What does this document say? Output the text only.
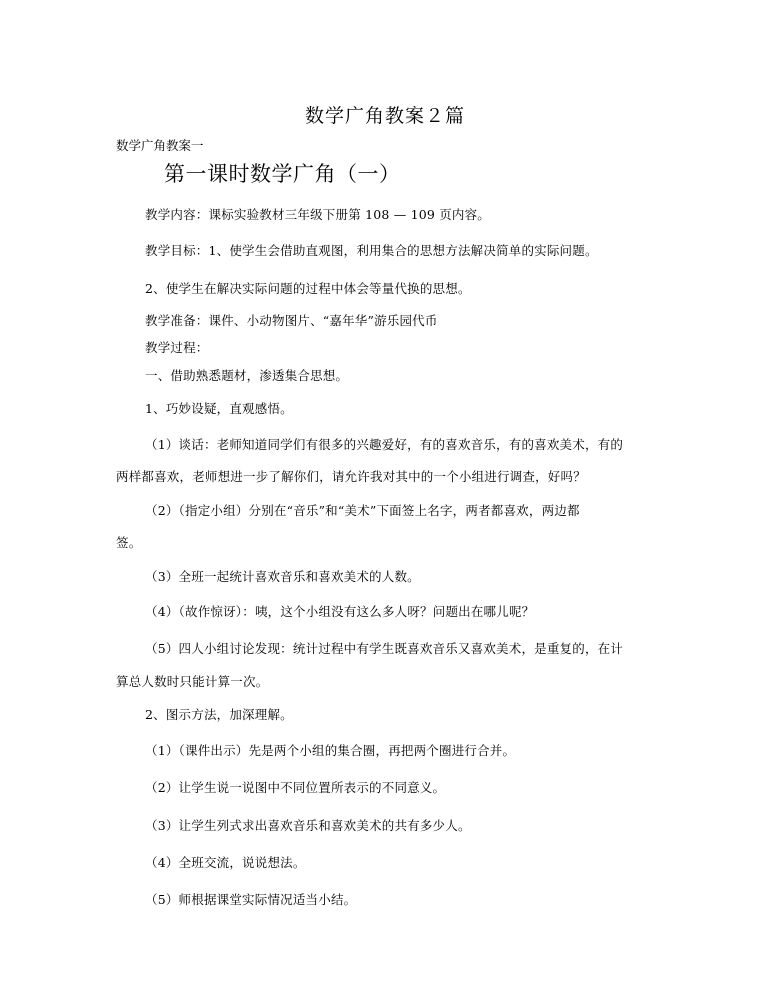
数学广角教案２篇
数学广角教案一
第一课时数学广角（一）
教学内容：课标实验教材三年级下册第 108 — 109 页内容。
教学目标：1、使学生会借助直观图，利用集合的思想方法解决简单的实际问题。
2、使学生在解决实际问题的过程中体会等量代换的思想。
教学准备：课件、小动物图片、“嘉年华”游乐园代币
教学过程：
一、借助熟悉题材，渗透集合思想。
1、巧妙设疑，直观感悟。
（1）谈话：老师知道同学们有很多的兴趣爱好，有的喜欢音乐，有的喜欢美术，有的
两样都喜欢，老师想进一步了解你们，请允许我对其中的一个小组进行调查，好吗？
（2）（指定小组）分别在“音乐”和“美术”下面签上名字，两者都喜欢，两边都
签。
（3）全班一起统计喜欢音乐和喜欢美术的人数。
（4）（故作惊讶）：咦，这个小组没有这么多人呀？问题出在哪儿呢？
（5）四人小组讨论发现：统计过程中有学生既喜欢音乐又喜欢美术，是重复的，在计
算总人数时只能计算一次。
2、图示方法，加深理解。
（1）（课件出示）先是两个小组的集合圈，再把两个圈进行合并。
（2）让学生说一说图中不同位置所表示的不同意义。
（3）让学生列式求出喜欢音乐和喜欢美术的共有多少人。
（4）全班交流，说说想法。
（5）师根据课堂实际情况适当小结。
